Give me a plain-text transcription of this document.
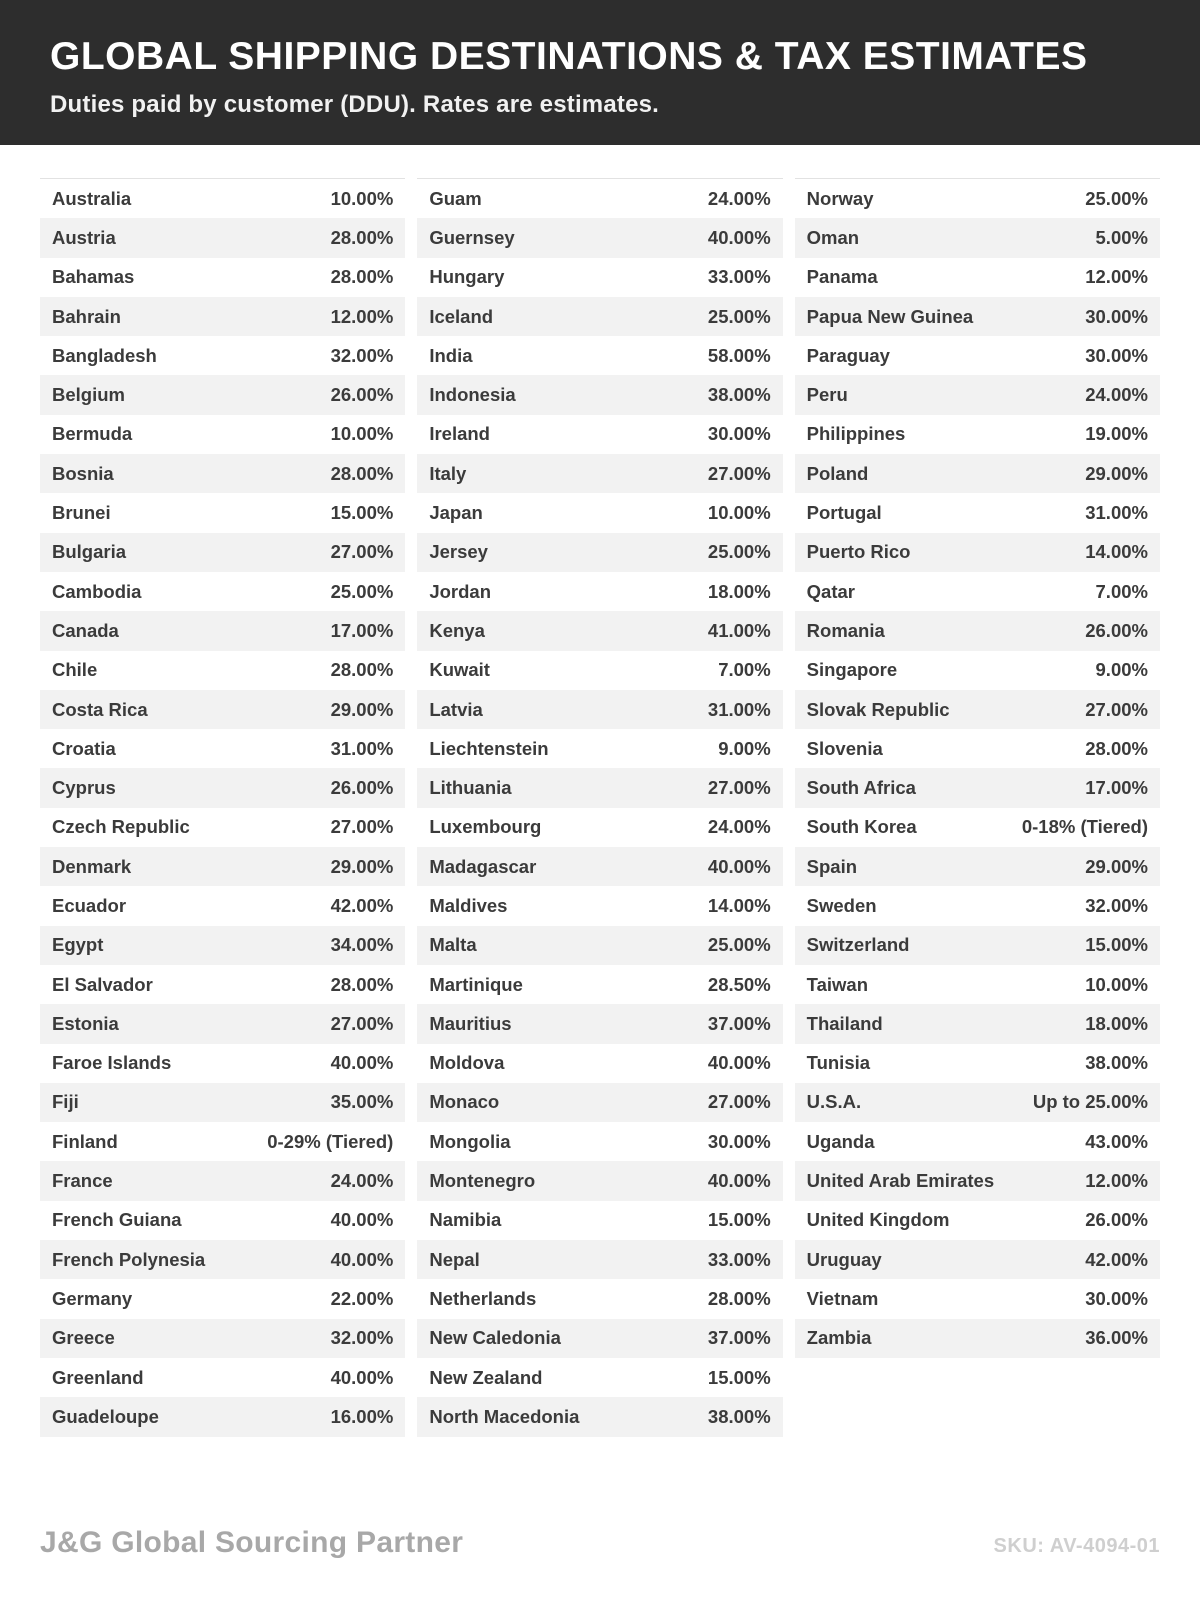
GLOBAL SHIPPING DESTINATIONS & TAX ESTIMATES
Duties paid by customer (DDU). Rates are estimates.
Australia	10.00%
Austria	28.00%
Bahamas	28.00%
Bahrain	12.00%
Bangladesh	32.00%
Belgium	26.00%
Bermuda	10.00%
Bosnia	28.00%
Brunei	15.00%
Bulgaria	27.00%
Cambodia	25.00%
Canada	17.00%
Chile	28.00%
Costa Rica	29.00%
Croatia	31.00%
Cyprus	26.00%
Czech Republic	27.00%
Denmark	29.00%
Ecuador	42.00%
Egypt	34.00%
El Salvador	28.00%
Estonia	27.00%
Faroe Islands	40.00%
Fiji	35.00%
Finland	0-29% (Tiered)
France	24.00%
French Guiana	40.00%
French Polynesia	40.00%
Germany	22.00%
Greece	32.00%
Greenland	40.00%
Guadeloupe	16.00%
Guam	24.00%
Guernsey	40.00%
Hungary	33.00%
Iceland	25.00%
India	58.00%
Indonesia	38.00%
Ireland	30.00%
Italy	27.00%
Japan	10.00%
Jersey	25.00%
Jordan	18.00%
Kenya	41.00%
Kuwait	7.00%
Latvia	31.00%
Liechtenstein	9.00%
Lithuania	27.00%
Luxembourg	24.00%
Madagascar	40.00%
Maldives	14.00%
Malta	25.00%
Martinique	28.50%
Mauritius	37.00%
Moldova	40.00%
Monaco	27.00%
Mongolia	30.00%
Montenegro	40.00%
Namibia	15.00%
Nepal	33.00%
Netherlands	28.00%
New Caledonia	37.00%
New Zealand	15.00%
North Macedonia	38.00%
Norway	25.00%
Oman	5.00%
Panama	12.00%
Papua New Guinea	30.00%
Paraguay	30.00%
Peru	24.00%
Philippines	19.00%
Poland	29.00%
Portugal	31.00%
Puerto Rico	14.00%
Qatar	7.00%
Romania	26.00%
Singapore	9.00%
Slovak Republic	27.00%
Slovenia	28.00%
South Africa	17.00%
South Korea	0-18% (Tiered)
Spain	29.00%
Sweden	32.00%
Switzerland	15.00%
Taiwan	10.00%
Thailand	18.00%
Tunisia	38.00%
U.S.A.	Up to 25.00%
Uganda	43.00%
United Arab Emirates	12.00%
United Kingdom	26.00%
Uruguay	42.00%
Vietnam	30.00%
Zambia	36.00%
J&G Global Sourcing Partner	SKU: AV-4094-01
